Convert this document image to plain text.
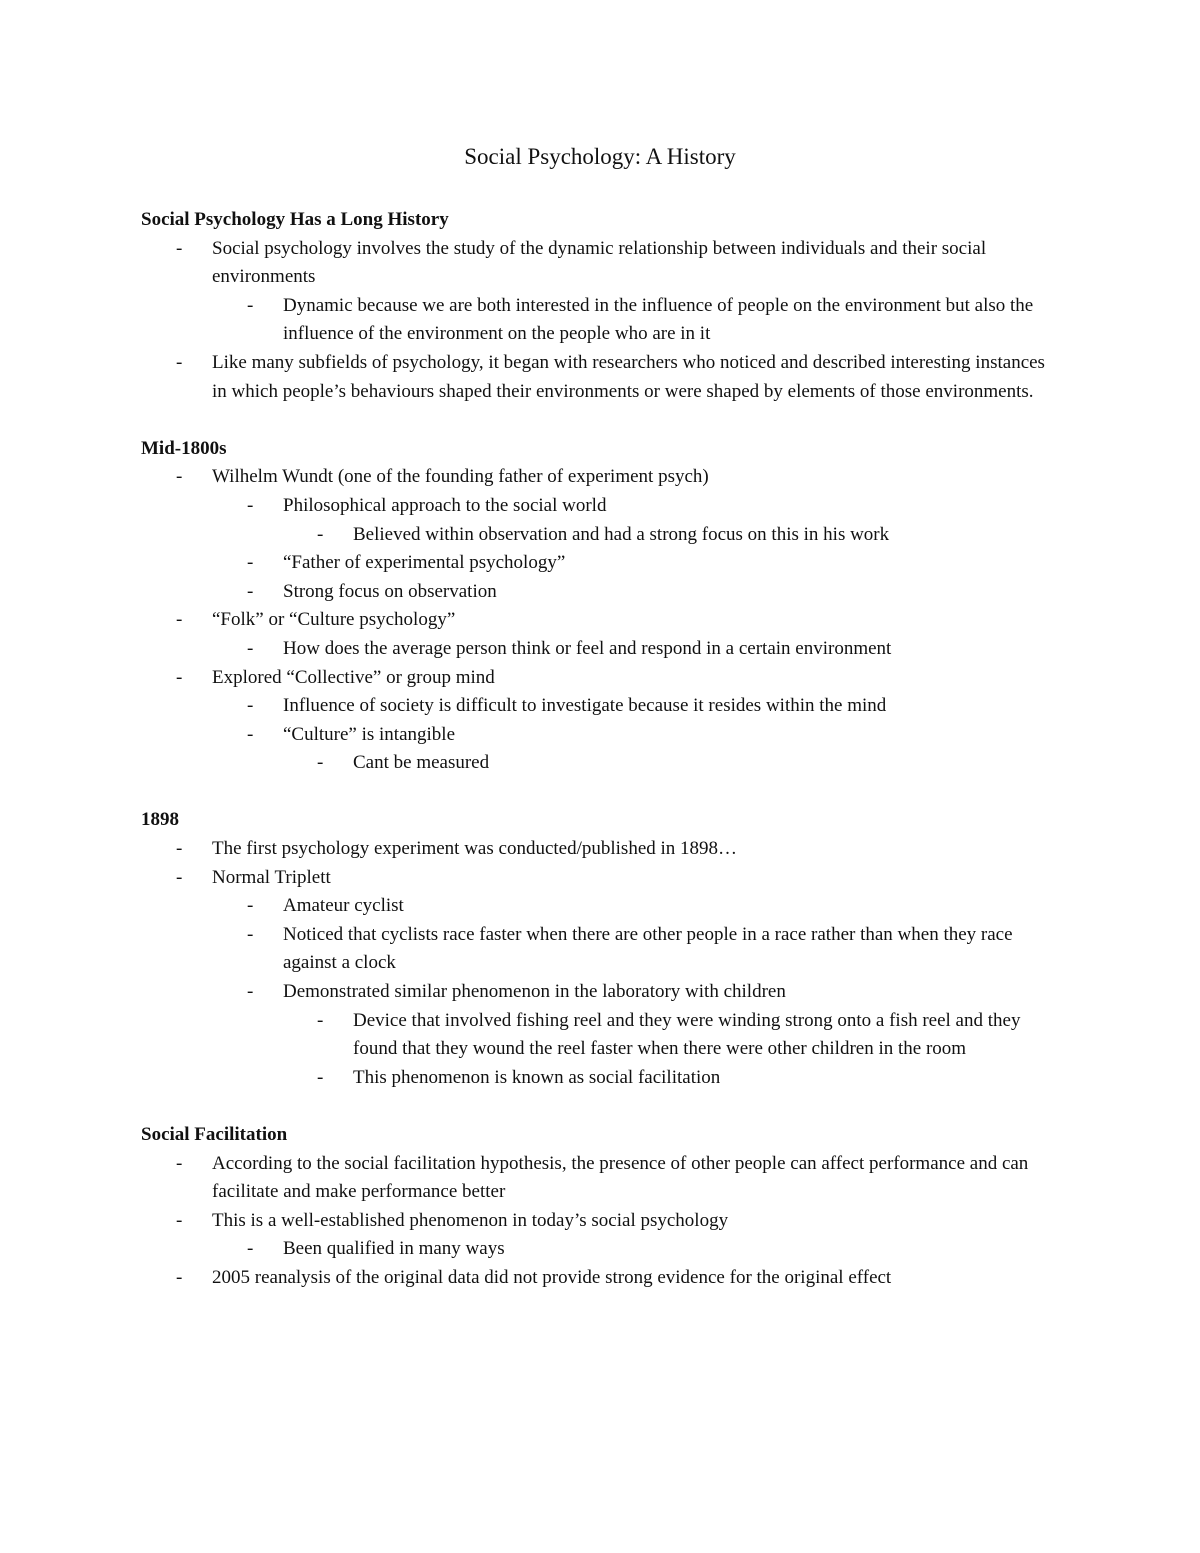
Social Psychology: A History
Social Psychology Has a Long History
- Social psychology involves the study of the dynamic relationship between individuals and their social environments
- Dynamic because we are both interested in the influence of people on the environment but also the influence of the environment on the people who are in it
- Like many subfields of psychology, it began with researchers who noticed and described interesting instances in which people’s behaviours shaped their environments or were shaped by elements of those environments.
Mid-1800s
- Wilhelm Wundt (one of the founding father of experiment psych)
- Philosophical approach to the social world
- Believed within observation and had a strong focus on this in his work
- “Father of experimental psychology”
- Strong focus on observation
- “Folk” or “Culture psychology”
- How does the average person think or feel and respond in a certain environment
- Explored “Collective” or group mind
- Influence of society is difficult to investigate because it resides within the mind
- “Culture” is intangible
- Cant be measured
1898
- The first psychology experiment was conducted/published in 1898…
- Normal Triplett
- Amateur cyclist
- Noticed that cyclists race faster when there are other people in a race rather than when they race against a clock
- Demonstrated similar phenomenon in the laboratory with children
- Device that involved fishing reel and they were winding strong onto a fish reel and they found that they wound the reel faster when there were other children in the room
- This phenomenon is known as social facilitation
Social Facilitation
- According to the social facilitation hypothesis, the presence of other people can affect performance and can facilitate and make performance better
- This is a well-established phenomenon in today’s social psychology
- Been qualified in many ways
- 2005 reanalysis of the original data did not provide strong evidence for the original effect
